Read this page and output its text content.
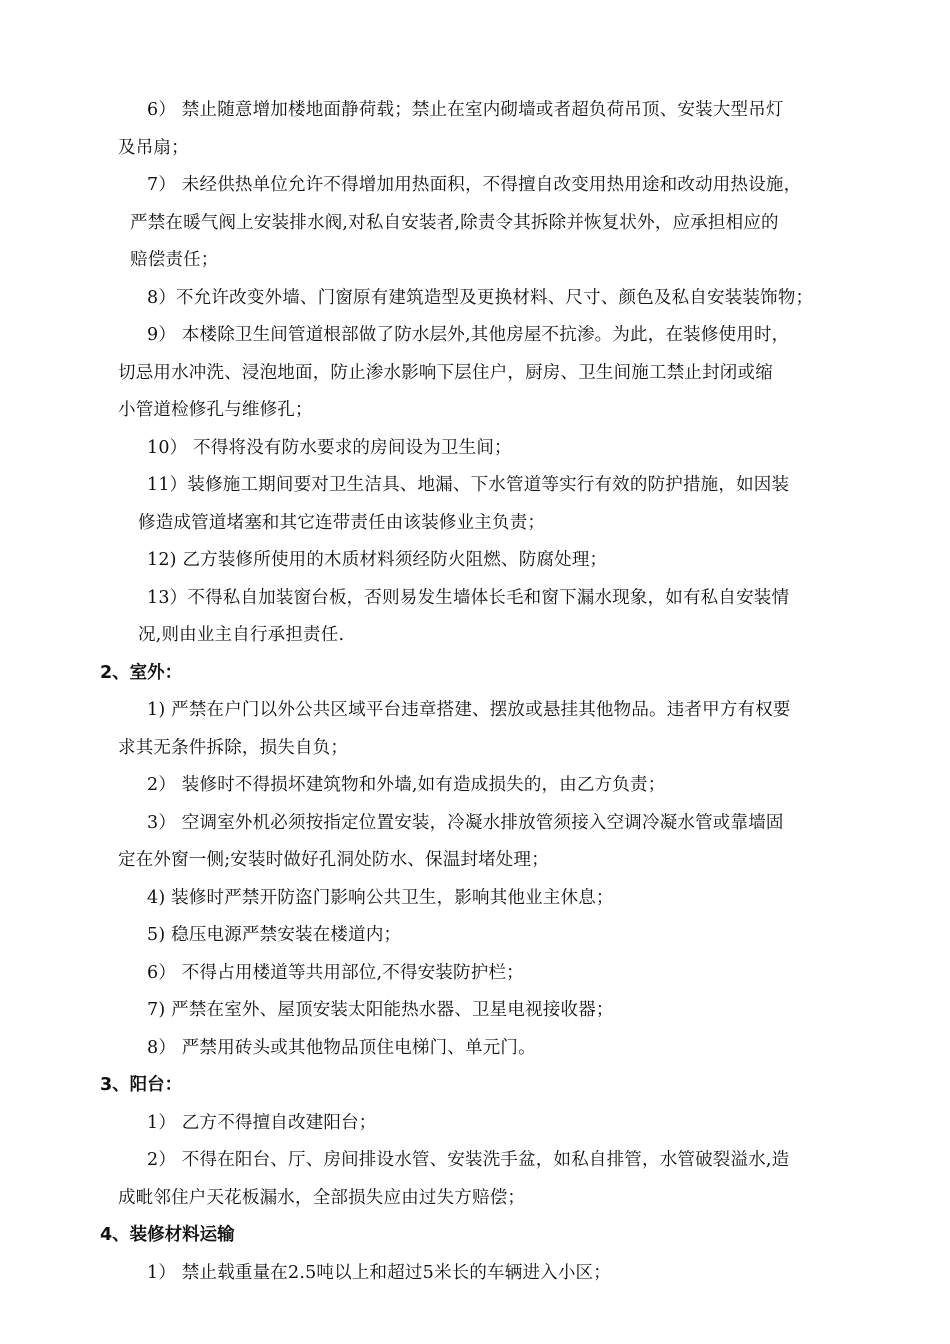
6） 禁止随意增加楼地面静荷载；禁止在室内砌墙或者超负荷吊顶、安装大型吊灯
及吊扇；
7） 未经供热单位允许不得增加用热面积，不得擅自改变用热用途和改动用热设施，
严禁在暖气阀上安装排水阀,对私自安装者,除责令其拆除并恢复状外，应承担相应的
赔偿责任；
8）不允许改变外墙、门窗原有建筑造型及更换材料、尺寸、颜色及私自安装装饰物；
9） 本楼除卫生间管道根部做了防水层外,其他房屋不抗渗。为此，在装修使用时，
切忌用水冲洗、浸泡地面，防止渗水影响下层住户，厨房、卫生间施工禁止封闭或缩
小管道检修孔与维修孔；
10） 不得将没有防水要求的房间设为卫生间；
11）装修施工期间要对卫生洁具、地漏、下水管道等实行有效的防护措施，如因装
修造成管道堵塞和其它连带责任由该装修业主负责；
12) 乙方装修所使用的木质材料须经防火阻燃、防腐处理；
13）不得私自加装窗台板，否则易发生墙体长毛和窗下漏水现象，如有私自安装情
况,则由业主自行承担责任.
2、室外：
1) 严禁在户门以外公共区域平台违章搭建、摆放或悬挂其他物品。违者甲方有权要
求其无条件拆除，损失自负；
2） 装修时不得损坏建筑物和外墙,如有造成损失的，由乙方负责；
3） 空调室外机必须按指定位置安装，冷凝水排放管须接入空调冷凝水管或靠墙固
定在外窗一侧;安装时做好孔洞处防水、保温封堵处理；
4) 装修时严禁开防盗门影响公共卫生，影响其他业主休息；
5) 稳压电源严禁安装在楼道内；
6） 不得占用楼道等共用部位,不得安装防护栏；
7) 严禁在室外、屋顶安装太阳能热水器、卫星电视接收器；
8） 严禁用砖头或其他物品顶住电梯门、单元门。
3、阳台：
1） 乙方不得擅自改建阳台；
2） 不得在阳台、厅、房间排设水管、安装洗手盆，如私自排管，水管破裂溢水,造
成毗邻住户天花板漏水，全部损失应由过失方赔偿；
4、装修材料运输
1） 禁止载重量在2.5吨以上和超过5米长的车辆进入小区；
